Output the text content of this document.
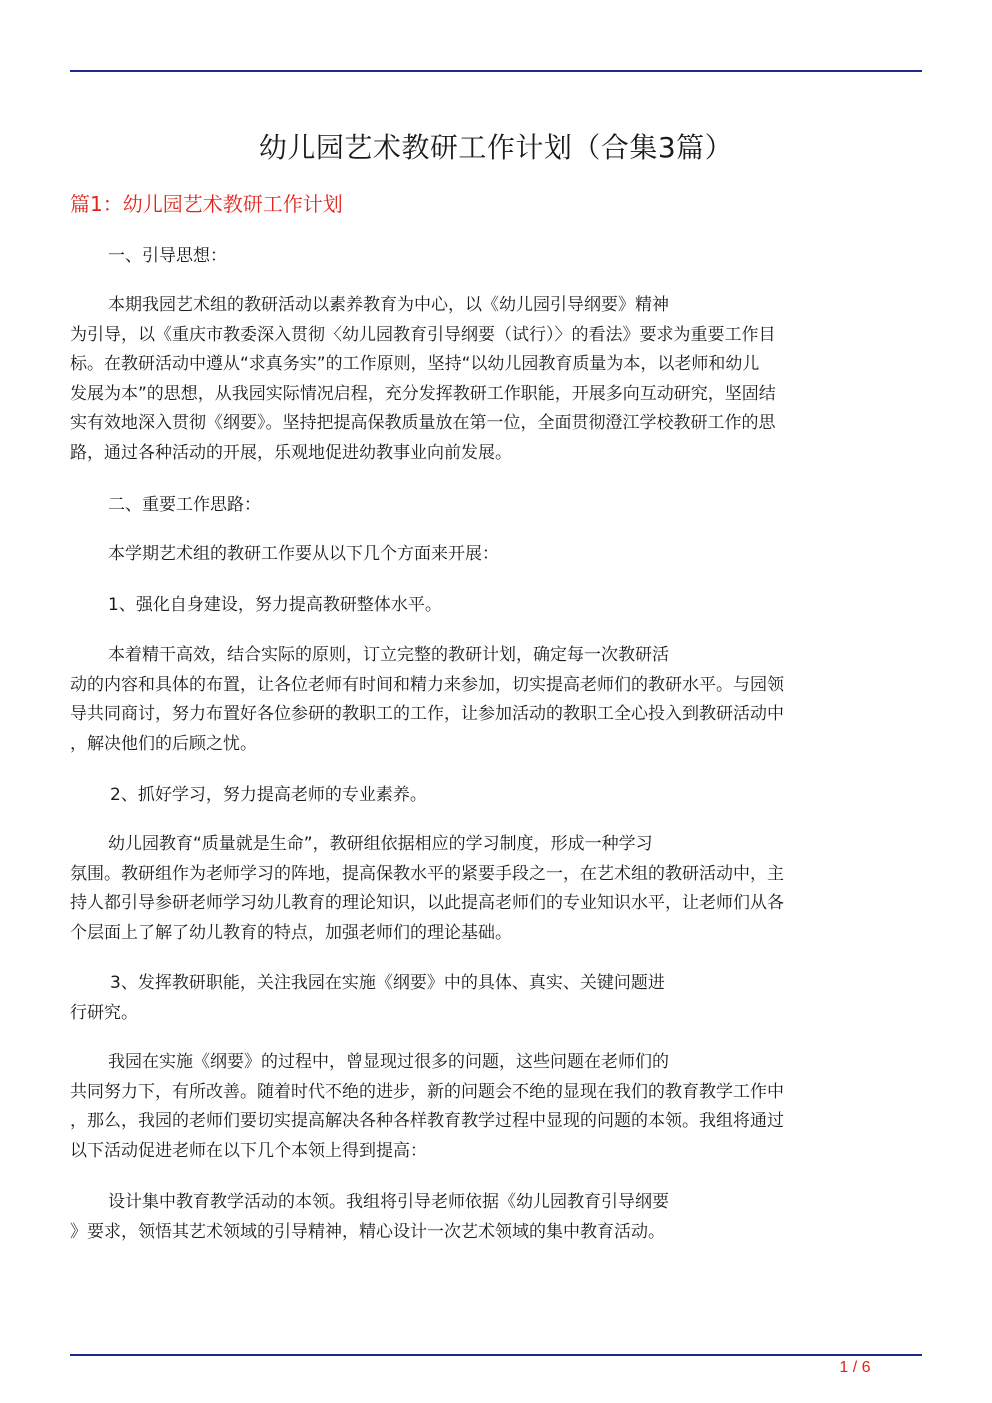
幼儿园艺术教研工作计划（合集3篇）
篇1：幼儿园艺术教研工作计划
一、引导思想：
本期我园艺术组的教研活动以素养教育为中心，以《幼儿园引导纲要》精神
为引导，以《重庆市教委深入贯彻〈幼儿园教育引导纲要（试行）〉的看法》要求为重要工作目
标。在教研活动中遵从“求真务实”的工作原则，坚持“以幼儿园教育质量为本，以老师和幼儿
发展为本”的思想，从我园实际情况启程，充分发挥教研工作职能，开展多向互动研究，坚固结
实有效地深入贯彻《纲要》。坚持把提高保教质量放在第一位，全面贯彻澄江学校教研工作的思
路，通过各种活动的开展，乐观地促进幼教事业向前发展。
二、重要工作思路：
本学期艺术组的教研工作要从以下几个方面来开展：
1、强化自身建设，努力提高教研整体水平。
本着精干高效，结合实际的原则，订立完整的教研计划，确定每一次教研活
动的内容和具体的布置，让各位老师有时间和精力来参加，切实提高老师们的教研水平。与园领
导共同商讨，努力布置好各位参研的教职工的工作，让参加活动的教职工全心投入到教研活动中
，解决他们的后顾之忧。
2、抓好学习，努力提高老师的专业素养。
幼儿园教育“质量就是生命”，教研组依据相应的学习制度，形成一种学习
氛围。教研组作为老师学习的阵地，提高保教水平的紧要手段之一，在艺术组的教研活动中，主
持人都引导参研老师学习幼儿教育的理论知识，以此提高老师们的专业知识水平，让老师们从各
个层面上了解了幼儿教育的特点，加强老师们的理论基础。
3、发挥教研职能，关注我园在实施《纲要》中的具体、真实、关键问题进
行研究。
我园在实施《纲要》的过程中，曾显现过很多的问题，这些问题在老师们的
共同努力下，有所改善。随着时代不绝的进步，新的问题会不绝的显现在我们的教育教学工作中
，那么，我园的老师们要切实提高解决各种各样教育教学过程中显现的问题的本领。我组将通过
以下活动促进老师在以下几个本领上得到提高：
设计集中教育教学活动的本领。我组将引导老师依据《幼儿园教育引导纲要
》要求，领悟其艺术领域的引导精神，精心设计一次艺术领域的集中教育活动。
1 / 6
